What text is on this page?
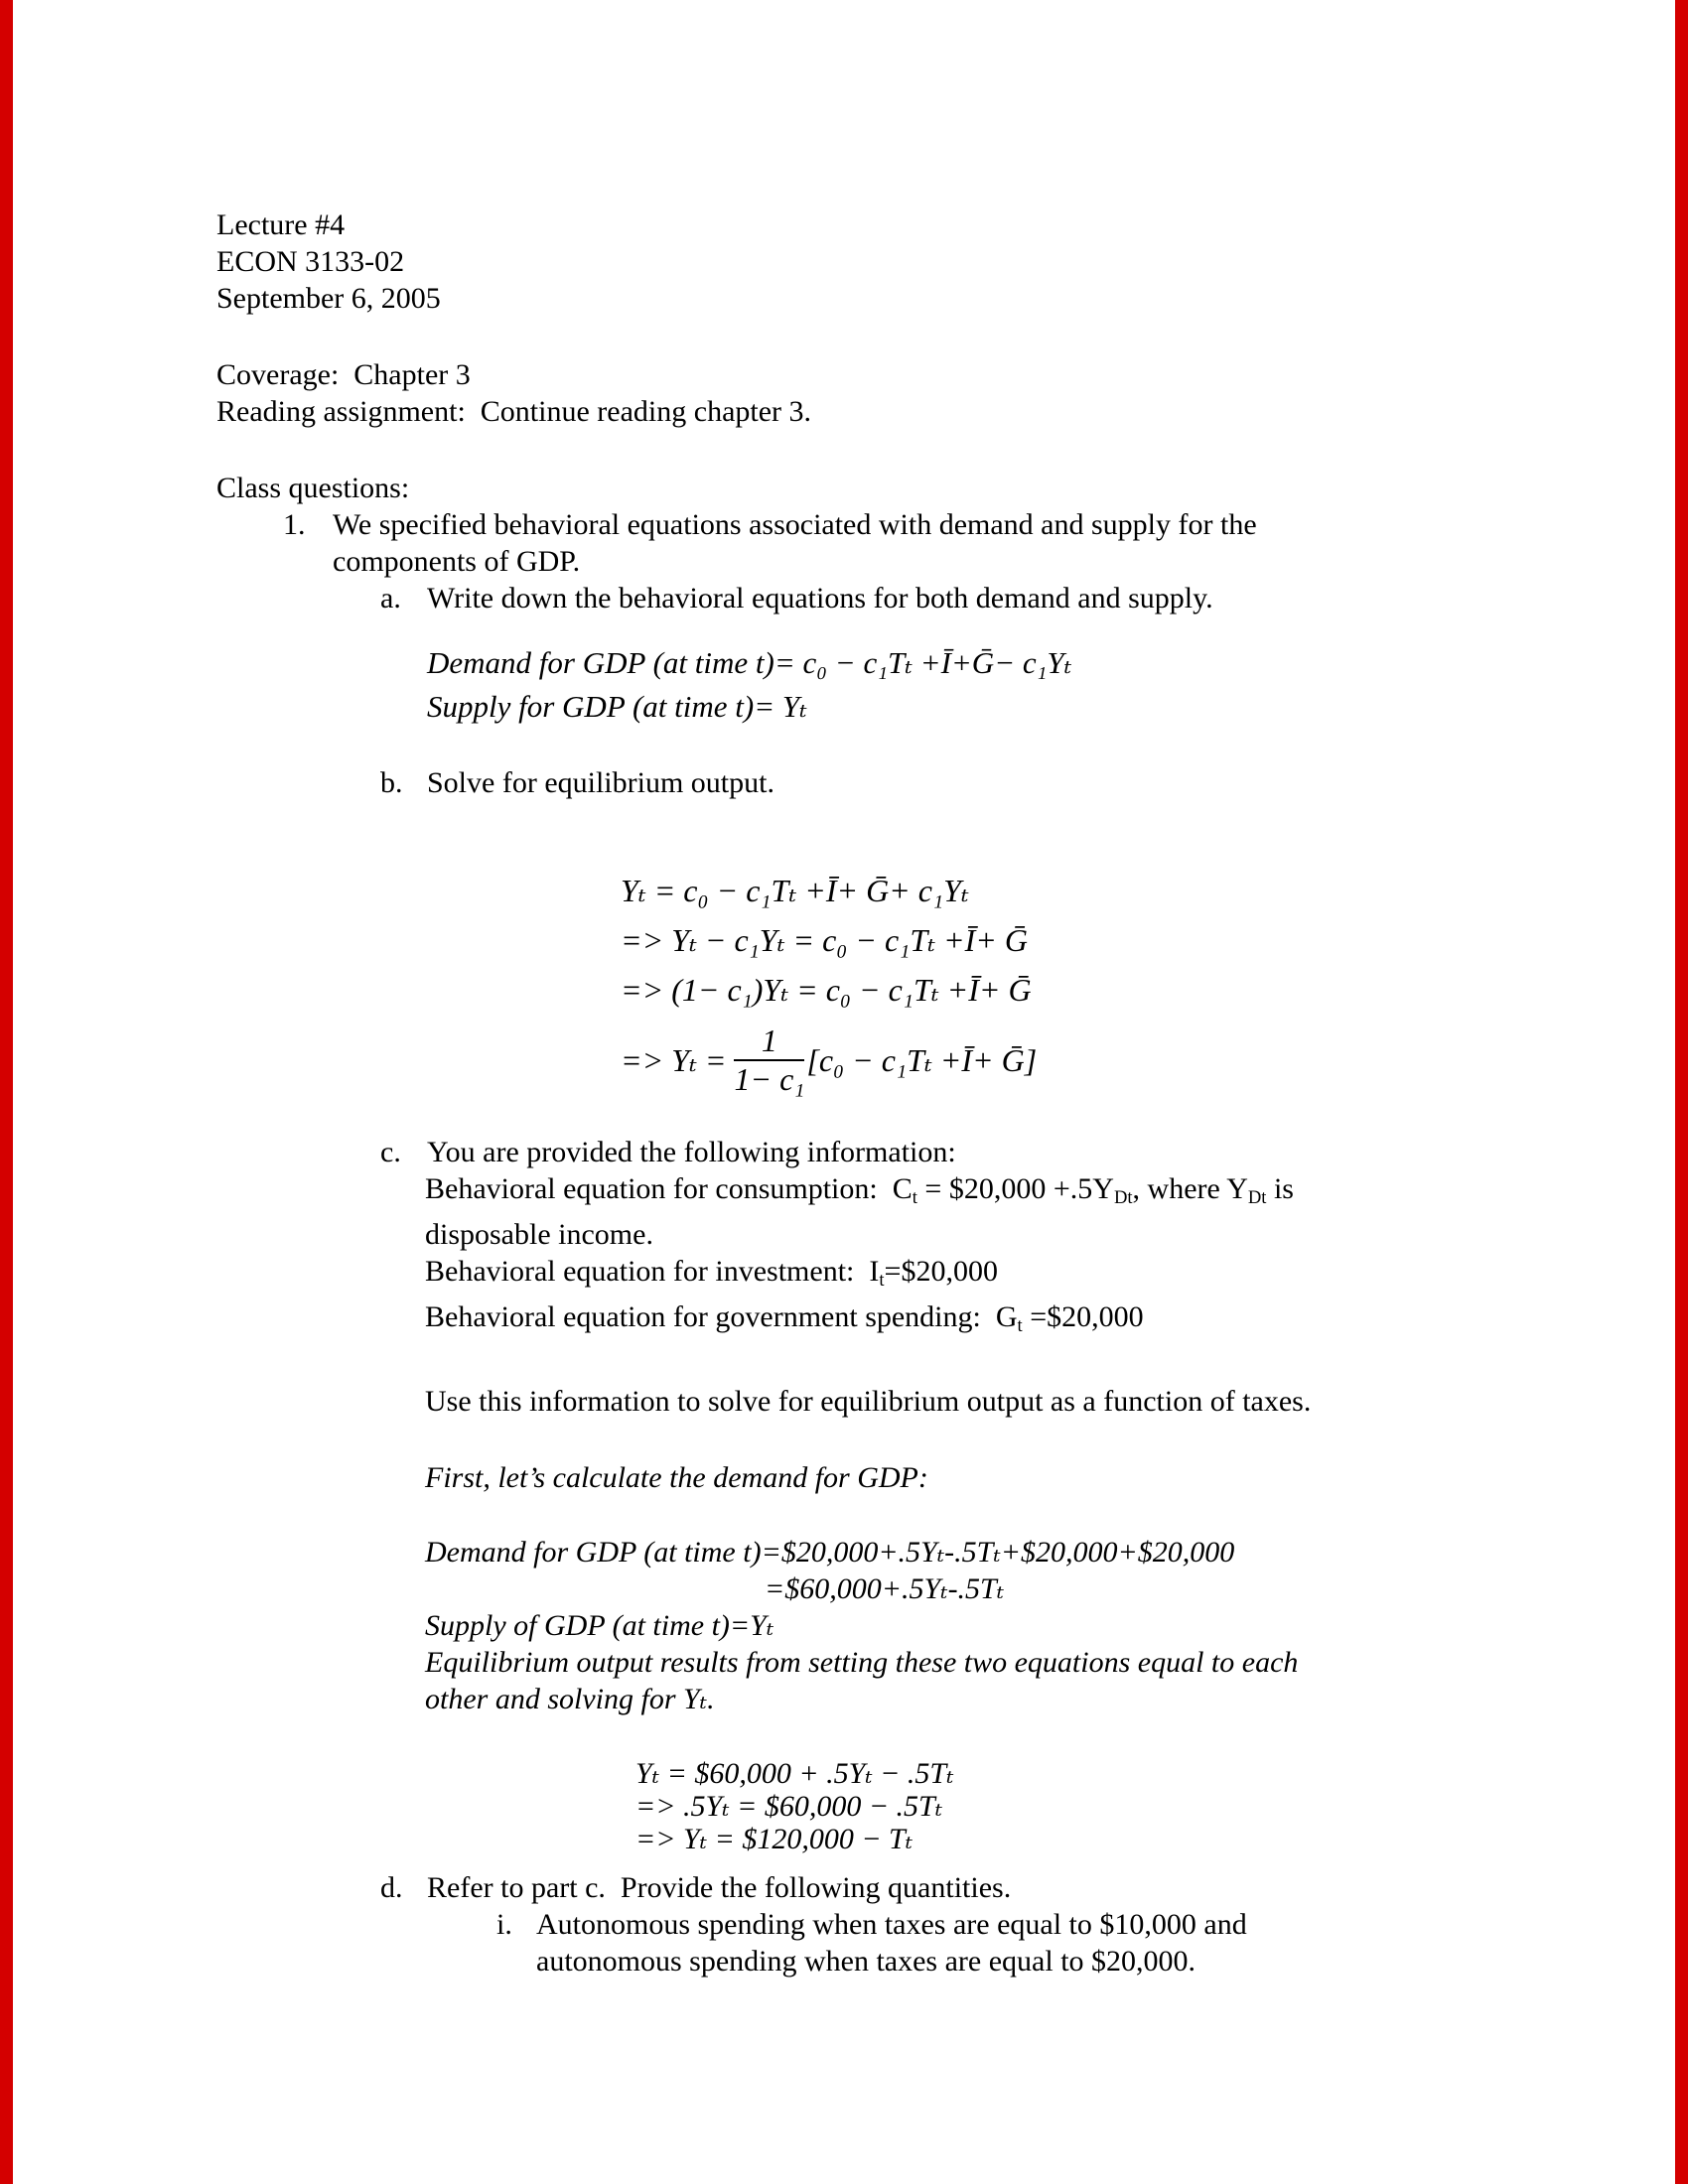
Lecture #4
ECON 3133-02
September 6, 2005
Coverage:  Chapter 3
Reading assignment:  Continue reading chapter 3.
Class questions:
1. We specified behavioral equations associated with demand and supply for the
components of GDP.
a. Write down the behavioral equations for both demand and supply.
Demand for GDP (at time t)= c₀ − c₁Tₜ +Ī+Ḡ− c₁Yₜ
Supply for GDP (at time t)= Yₜ
b. Solve for equilibrium output.
Yₜ = c₀ − c₁Tₜ +Ī+ Ḡ+ c₁Yₜ
=> Yₜ − c₁Yₜ = c₀ − c₁Tₜ +Ī+ Ḡ
=> (1− c₁)Yₜ = c₀ − c₁Tₜ +Ī+ Ḡ
=> $Y_t = \frac{1}{\text{1− c₁}} [c_0 - c_1T_t$ +Ī+ Ḡ]
c. You are provided the following information:
Behavioral equation for consumption:  Ct = $20,000 +.5YDt, where YDt is
disposable income.
Behavioral equation for investment:  It=$20,000
Behavioral equation for government spending:  Gt =$20,000
Use this information to solve for equilibrium output as a function of taxes.
First, let’s calculate the demand for GDP:
Demand for GDP (at time t)=$20,000+.5Yₜ-.5Tₜ+$20,000+$20,000
=$60,000+.5Yₜ-.5Tₜ
Supply of GDP (at time t)=Yₜ
Equilibrium output results from setting these two equations equal to each
other and solving for Yₜ.
Yₜ = $60,000 + .5Yₜ − .5Tₜ
=> .5Yₜ = $60,000 − .5Tₜ
=> Yₜ = $120,000 − Tₜ
d. Refer to part c.  Provide the following quantities.
i. Autonomous spending when taxes are equal to $10,000 and
autonomous spending when taxes are equal to $20,000.
